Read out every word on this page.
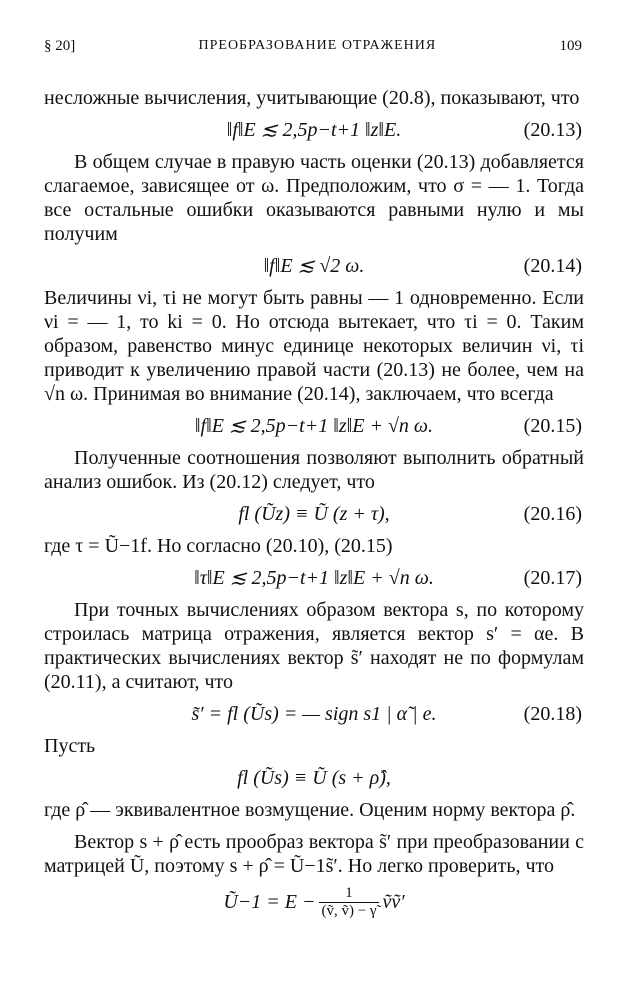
§ 20]	ПРЕОБРАЗОВАНИЕ ОТРАЖЕНИЯ	109

несложные вычисления, учитывающие (20.8), показывают, что

‖f‖E ≲ 2,5p−t+1 ‖z‖E.	(20.13)

В общем случае в правую часть оценки (20.13) добавляется слагаемое, зависящее от ω. Предположим, что σ = — 1. Тогда все остальные ошибки оказываются равными нулю и мы получим

‖f‖E ≲ √2 ω.	(20.14)

Величины νi, τi не могут быть равны — 1 одновременно. Если νi = — 1, то ki = 0. Но отсюда вытекает, что τi = 0. Таким образом, равенство минус единице некоторых величин νi, τi приводит к увеличению правой части (20.13) не более, чем на √n ω. Принимая во внимание (20.14), заключаем, что всегда

‖f‖E ≲ 2,5p−t+1 ‖z‖E + √n ω.	(20.15)

Полученные соотношения позволяют выполнить обратный анализ ошибок. Из (20.12) следует, что

fl (Ũz) ≡ Ũ (z + τ),	(20.16)

где τ = Ũ−1f. Но согласно (20.10), (20.15)

‖τ‖E ≲ 2,5p−t+1 ‖z‖E + √n ω.	(20.17)

При точных вычислениях образом вектора s, по которому строилась матрица отражения, является вектор s′ = αe. В практических вычислениях вектор s̃′ находят не по формулам (20.11), а считают, что

s̃′ = fl (Ũs) = — sign s1 | α̃ | e.	(20.18)

Пусть

fl (Ũs) ≡ Ũ (s + ρ̂),

где ρ̂ — эквивалентное возмущение. Оценим норму вектора ρ̂.

Вектор s + ρ̂ есть прообраз вектора s̃′ при преобразовании с матрицей Ũ, поэтому s + ρ̂ = Ũ−1s̃′. Но легко проверить, что

Ũ−1 = $E - \frac{1}{\text{(ṽ, ṽ) − γ̃}}$ ṽṽ′
